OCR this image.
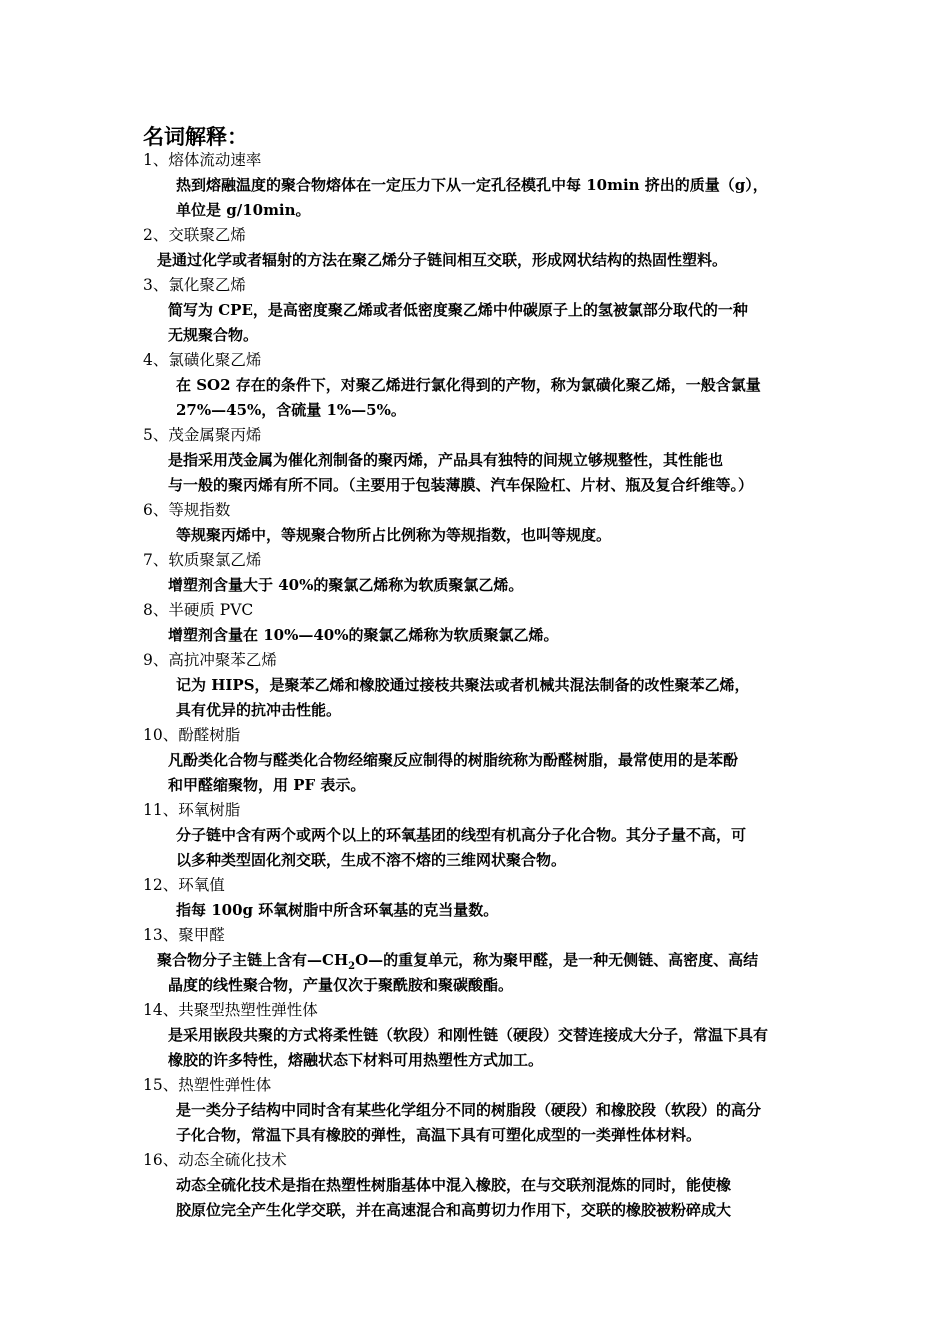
名词解释：
1、熔体流动速率

热到熔融温度的聚合物熔体在一定压力下从一定孔径模孔中每 10min 挤出的质量（g），
单位是 g/10min。

2、交联聚乙烯

是通过化学或者辐射的方法在聚乙烯分子链间相互交联，形成网状结构的热固性塑料。

3、氯化聚乙烯

简写为 CPE，是高密度聚乙烯或者低密度聚乙烯中仲碳原子上的氢被氯部分取代的一种
无规聚合物。

4、氯磺化聚乙烯

在 SO2 存在的条件下，对聚乙烯进行氯化得到的产物，称为氯磺化聚乙烯，一般含氯量
27%—45%，含硫量 1%—5%。

5、茂金属聚丙烯

是指采用茂金属为催化剂制备的聚丙烯，产品具有独特的间规立够规整性，其性能也
与一般的聚丙烯有所不同。（主要用于包装薄膜、汽车保险杠、片材、瓶及复合纤维等。）

6、等规指数

等规聚丙烯中，等规聚合物所占比例称为等规指数，也叫等规度。

7、软质聚氯乙烯

增塑剂含量大于 40%的聚氯乙烯称为软质聚氯乙烯。

8、半硬质 PVC

增塑剂含量在 10%—40%的聚氯乙烯称为软质聚氯乙烯。

9、高抗冲聚苯乙烯

记为 HIPS，是聚苯乙烯和橡胶通过接枝共聚法或者机械共混法制备的改性聚苯乙烯，
具有优异的抗冲击性能。

10、酚醛树脂

凡酚类化合物与醛类化合物经缩聚反应制得的树脂统称为酚醛树脂，最常使用的是苯酚
和甲醛缩聚物，用 PF 表示。

11、环氧树脂

分子链中含有两个或两个以上的环氧基团的线型有机高分子化合物。其分子量不高，可
以多种类型固化剂交联，生成不溶不熔的三维网状聚合物。

12、环氧值

指每 100g 环氧树脂中所含环氧基的克当量数。

13、聚甲醛

聚合物分子主链上含有$—CH_2O—$的重复单元，称为聚甲醛，是一种无侧链、高密度、高结
晶度的线性聚合物，产量仅次于聚酰胺和聚碳酸酯。

14、共聚型热塑性弹性体

是采用嵌段共聚的方式将柔性链（软段）和刚性链（硬段）交替连接成大分子，常温下具有
橡胶的许多特性，熔融状态下材料可用热塑性方式加工。

15、热塑性弹性体

是一类分子结构中同时含有某些化学组分不同的树脂段（硬段）和橡胶段（软段）的高分
子化合物，常温下具有橡胶的弹性，高温下具有可塑化成型的一类弹性体材料。

16、动态全硫化技术

动态全硫化技术是指在热塑性树脂基体中混入橡胶，在与交联剂混炼的同时，能使橡
胶原位完全产生化学交联，并在高速混合和高剪切力作用下，交联的橡胶被粉碎成大
